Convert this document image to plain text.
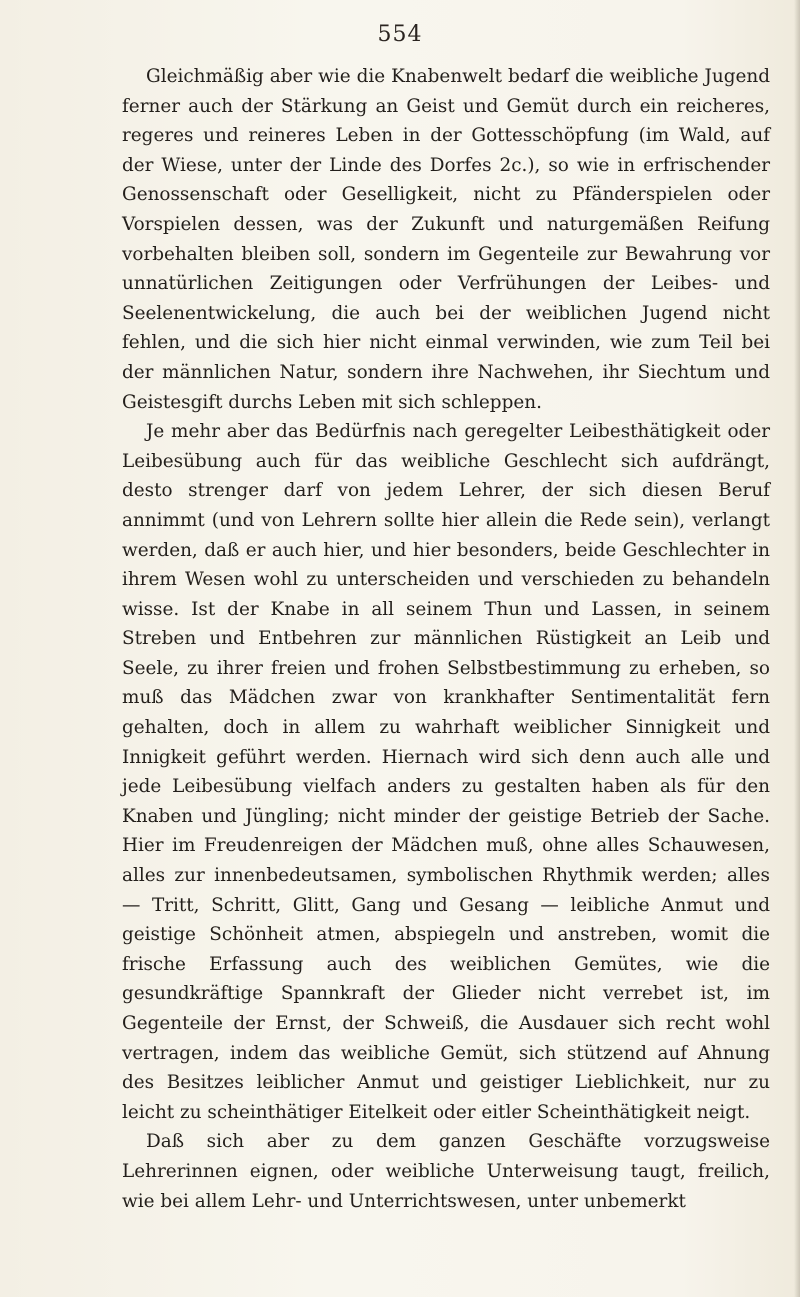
554

Gleichmäßig aber wie die Knabenwelt bedarf die weibliche Jugend ferner auch der Stärkung an Geist und Gemüt durch ein reicheres, regeres und reineres Leben in der Gottesschöpfung (im Wald, auf der Wiese, unter der Linde des Dorfes 2c.), so wie in erfrischender Genossenschaft oder Geselligkeit, nicht zu Pfänderspielen oder Vorspielen dessen, was der Zukunft und naturgemäßen Reifung vorbehalten bleiben soll, sondern im Gegenteile zur Bewahrung vor unnatürlichen Zeitigungen oder Verfrühungen der Leibes- und Seelenentwickelung, die auch bei der weiblichen Jugend nicht fehlen, und die sich hier nicht einmal verwinden, wie zum Teil bei der männlichen Natur, sondern ihre Nachwehen, ihr Siechtum und Geistesgift durchs Leben mit sich schleppen.

Je mehr aber das Bedürfnis nach geregelter Leibesthätigkeit oder Leibesübung auch für das weibliche Geschlecht sich aufdrängt, desto strenger darf von jedem Lehrer, der sich diesen Beruf annimmt (und von Lehrern sollte hier allein die Rede sein), verlangt werden, daß er auch hier, und hier besonders, beide Geschlechter in ihrem Wesen wohl zu unterscheiden und verschieden zu behandeln wisse. Ist der Knabe in all seinem Thun und Lassen, in seinem Streben und Entbehren zur männlichen Rüstigkeit an Leib und Seele, zu ihrer freien und frohen Selbstbestimmung zu erheben, so muß das Mädchen zwar von krankhafter Sentimentalität fern gehalten, doch in allem zu wahrhaft weiblicher Sinnigkeit und Innigkeit geführt werden. Hiernach wird sich denn auch alle und jede Leibesübung vielfach anders zu gestalten haben als für den Knaben und Jüngling; nicht minder der geistige Betrieb der Sache. Hier im Freudenreigen der Mädchen muß, ohne alles Schauwesen, alles zur innenbedeutsamen, symbolischen Rhythmik werden; alles — Tritt, Schritt, Glitt, Gang und Gesang — leibliche Anmut und geistige Schönheit atmen, abspiegeln und anstreben, womit die frische Erfassung auch des weiblichen Gemütes, wie die gesundkräftige Spannkraft der Glieder nicht verrebet ist, im Gegenteile der Ernst, der Schweiß, die Ausdauer sich recht wohl vertragen, indem das weibliche Gemüt, sich stützend auf Ahnung des Besitzes leiblicher Anmut und geistiger Lieblichkeit, nur zu leicht zu scheinthätiger Eitelkeit oder eitler Scheinthätigkeit neigt.

Daß sich aber zu dem ganzen Geschäfte vorzugsweise Lehrerinnen eignen, oder weibliche Unterweisung taugt, freilich, wie bei allem Lehr- und Unterrichtswesen, unter unbemerkt
